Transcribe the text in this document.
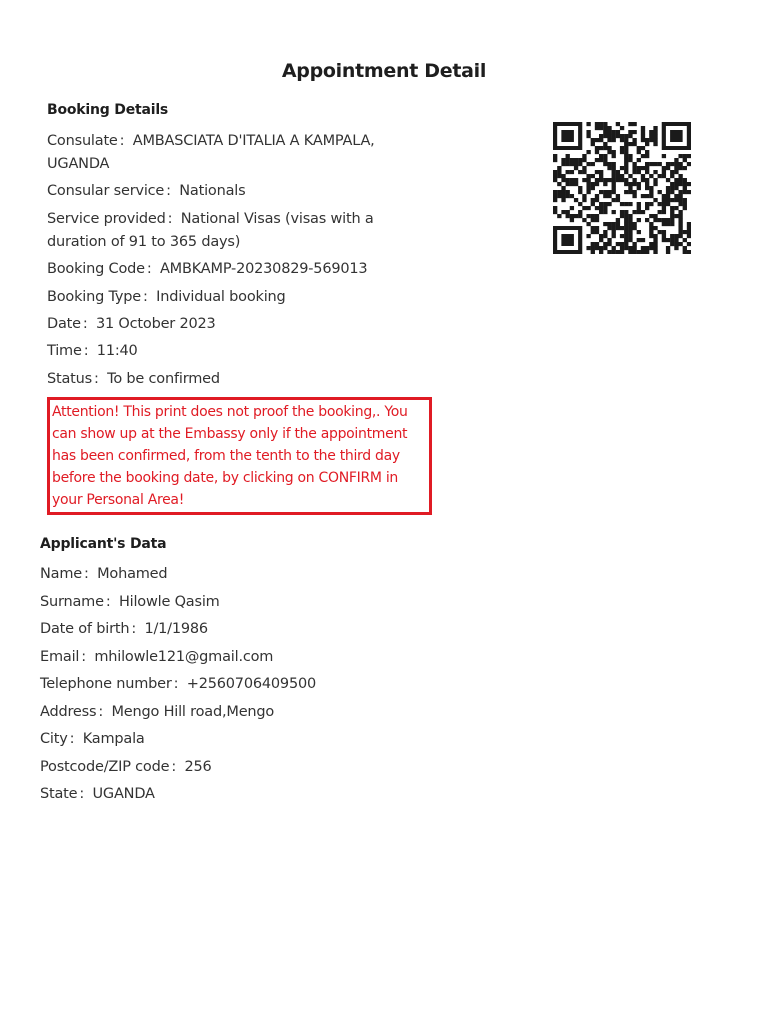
Appointment Detail
Booking Details
Consulate : AMBASCIATA D'ITALIA A KAMPALA, UGANDA
Consular service : Nationals
Service provided : National Visas (visas with a duration of 91 to 365 days)
Booking Code : AMBKAMP-20230829-569013
Booking Type : Individual booking
Date : 31 October 2023
Time : 11:40
Status : To be confirmed
Attention! This print does not proof the booking,. You can show up at the Embassy only if the appointment has been confirmed, from the tenth to the third day before the booking date, by clicking on CONFIRM in your Personal Area!
Applicant's Data
Name : Mohamed
Surname : Hilowle Qasim
Date of birth : 1/1/1986
Email : mhilowle121@gmail.com
Telephone number : +2560706409500
Address : Mengo Hill road,Mengo
City : Kampala
Postcode/ZIP code : 256
State : UGANDA
